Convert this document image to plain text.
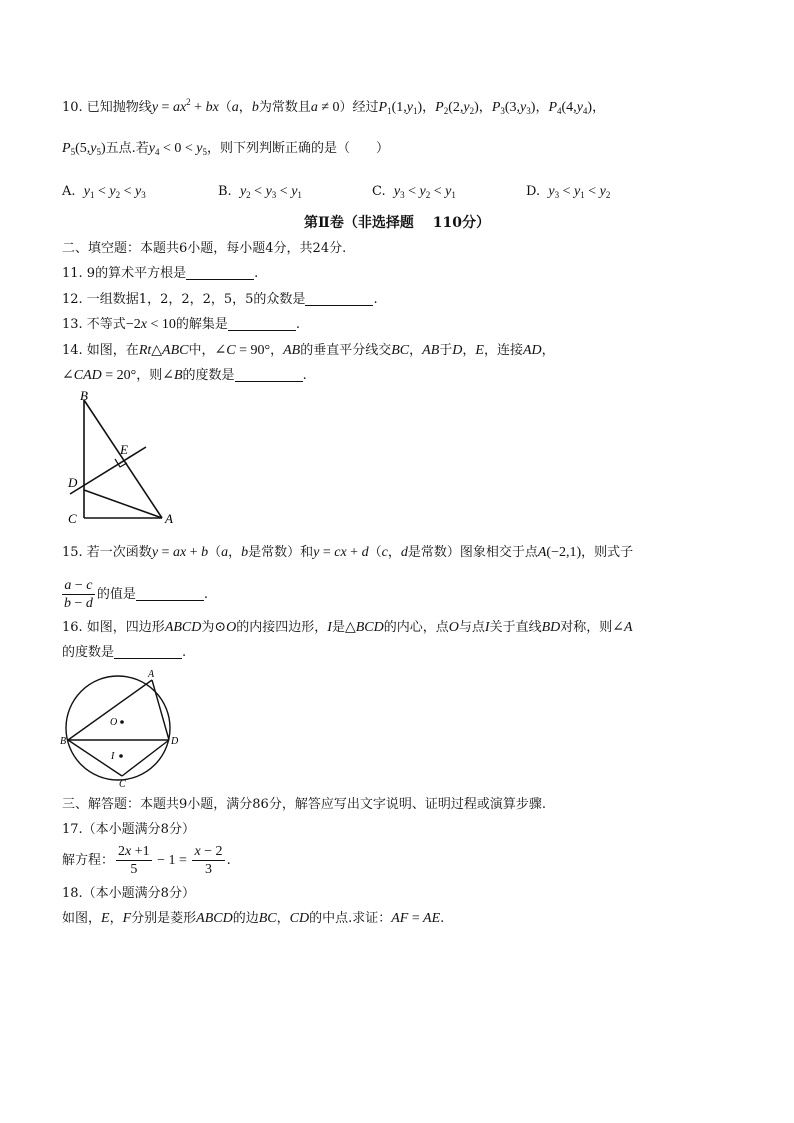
10. 已知抛物线$y = ax^2 + bx(a$，b为常数且a ≠ 0）经过$P_1(1,y_1)$，$P_2(2,y_2)$，$P_3(3,y_3)$，$P_4(4,y_4)$，
$P_5(5,y_5)$五点.若$y_4 < 0 < y_5$，则下列判断正确的是（　　）
A. $y_1 < y_2 < y_3$	B. $y_2 < y_3 < y_1$	C. $y_3 < y_2 < y_1$	D. $y_3 < y_1 < y_2$
第Ⅱ卷（非选择题　 110分）
二、填空题：本题共6小题，每小题4分，共24分.
11. 9的算术平方根是	.
12. 一组数据1，2，2，2，5，5的众数是	.
13. 不等式−2x < 10的解集是	.
14. 如图，在Rt△ABC中，∠C = 90°，AB的垂直平分线交BC，AB于D，E，连接AD，
∠CAD = 20°，则∠B的度数是	.
B
E
D
C	A
15. 若一次函数y = ax + b（a，b是常数）和y = cx + d（c，d是常数）图象相交于点A(−2,1)，则式子
$\frac{a - c}{b - d}$ 的值是	.
16. 如图，四边形ABCD为⊙O的内接四边形，I是△BCD的内心，点O与点I关于直线BD对称，则∠A
的度数是	.
A
O
B
I
D
C
三、解答题：本题共9小题，满分86分，解答应写出文字说明、证明过程或演算步骤.
17.（本小题满分8分）
解方程： $\frac{2x +1}{5} - 1 = \frac{x - 2}{3}$ .
18.（本小题满分8分）
如图，E，F分别是菱形ABCD的边BC，CD的中点.求证：AF = AE.
